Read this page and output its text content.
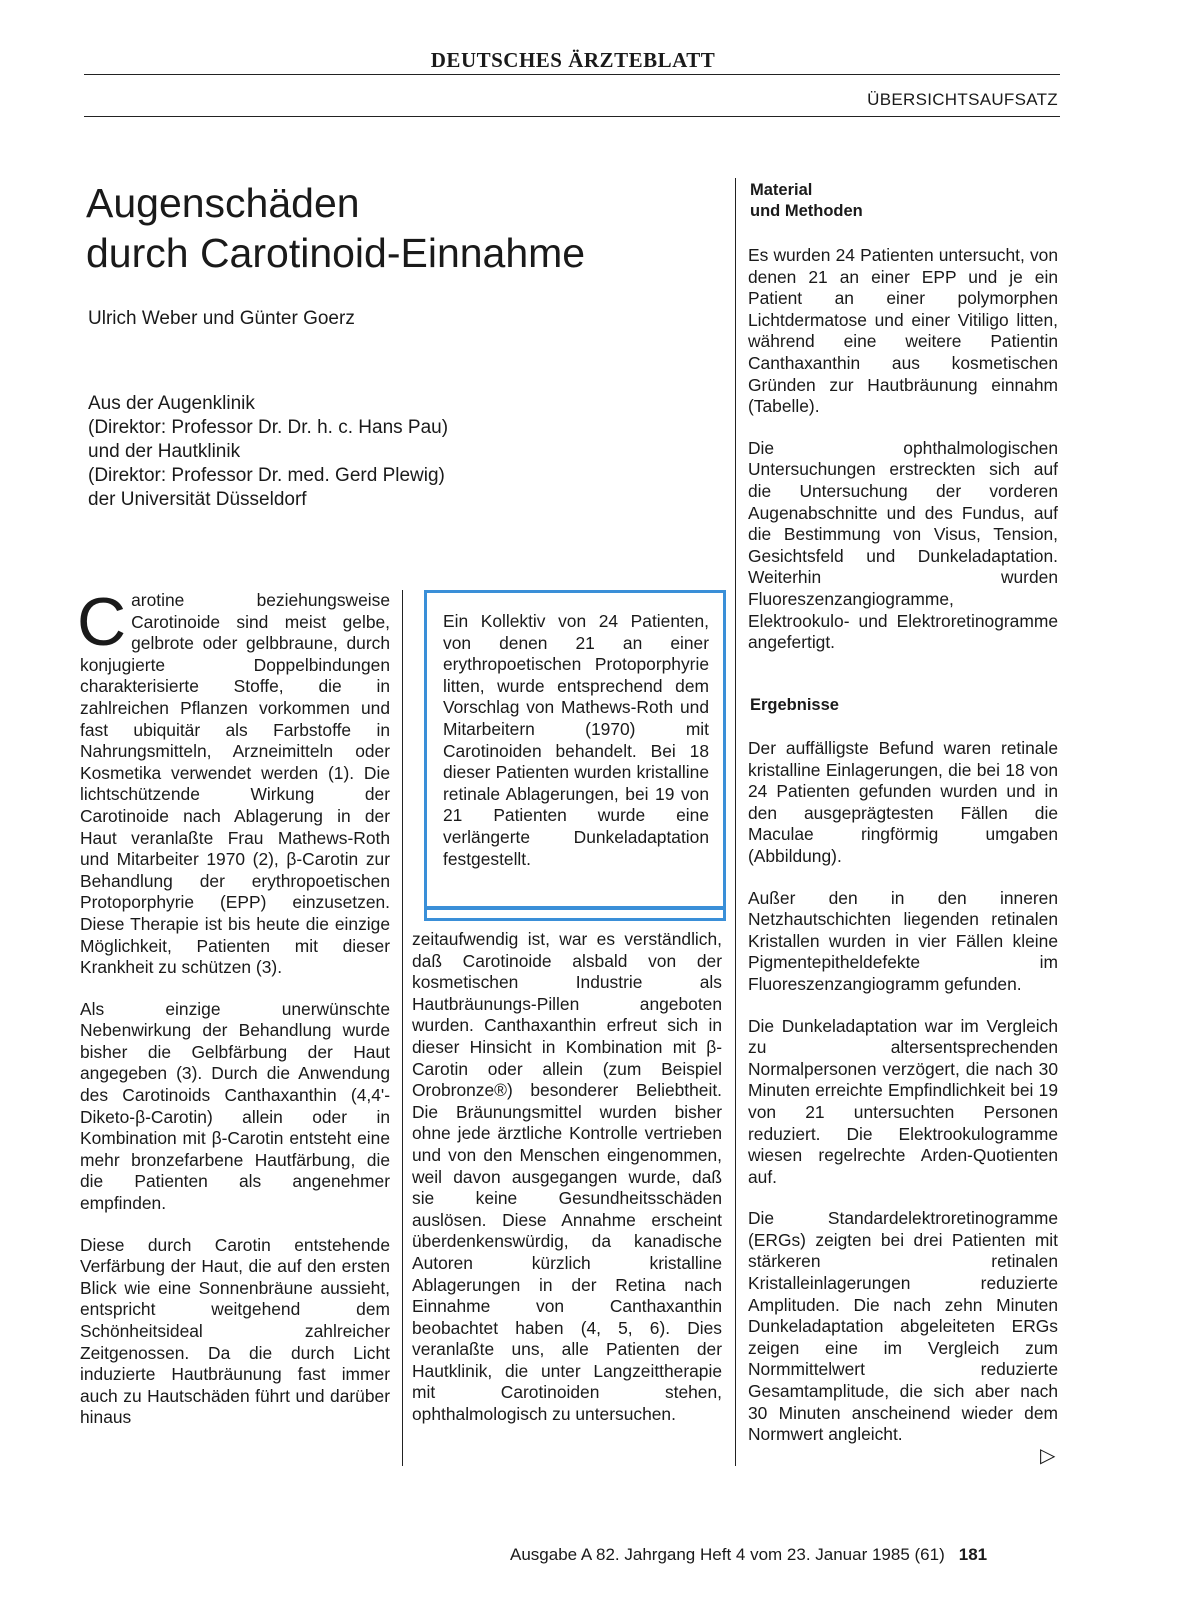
DEUTSCHES ÄRZTEBLATT
ÜBERSICHTSAUFSATZ
Augenschäden
durch Carotinoid-Einnahme
Ulrich Weber und Günter Goerz
Aus der Augenklinik
(Direktor: Professor Dr. Dr. h. c. Hans Pau)
und der Hautklinik
(Direktor: Professor Dr. med. Gerd Plewig)
der Universität Düsseldorf

Carotine beziehungsweise Carotinoide sind meist gelbe, gelbrote oder gelbbraune, durch konjugierte Doppelbindungen charakterisierte Stoffe, die in zahlreichen Pflanzen vorkommen und fast ubiquitär als Farbstoffe in Nahrungsmitteln, Arzneimitteln oder Kosmetika verwendet werden (1). Die lichtschützende Wirkung der Carotinoide nach Ablagerung in der Haut veranlaßte Frau Mathews-Roth und Mitarbeiter 1970 (2), β-Carotin zur Behandlung der erythropoetischen Protoporphyrie (EPP) einzusetzen. Diese Therapie ist bis heute die einzige Möglichkeit, Patienten mit dieser Krankheit zu schützen (3).

Als einzige unerwünschte Nebenwirkung der Behandlung wurde bisher die Gelbfärbung der Haut angegeben (3). Durch die Anwendung des Carotinoids Canthaxanthin (4,4'-Diketo-β-Carotin) allein oder in Kombination mit β-Carotin entsteht eine mehr bronzefarbene Hautfärbung, die die Patienten als angenehmer empfinden.

Diese durch Carotin entstehende Verfärbung der Haut, die auf den ersten Blick wie eine Sonnenbräune aussieht, entspricht weitgehend dem Schönheitsideal zahlreicher Zeitgenossen. Da die durch Licht induzierte Hautbräunung fast immer auch zu Hautschäden führt und darüber hinaus

Ein Kollektiv von 24 Patienten, von denen 21 an einer erythropoetischen Protoporphyrie litten, wurde entsprechend dem Vorschlag von Mathews-Roth und Mitarbeitern (1970) mit Carotinoiden behandelt. Bei 18 dieser Patienten wurden kristalline retinale Ablagerungen, bei 19 von 21 Patienten wurde eine verlängerte Dunkeladaptation festgestellt.

zeitaufwendig ist, war es verständlich, daß Carotinoide alsbald von der kosmetischen Industrie als Hautbräunungs-Pillen angeboten wurden. Canthaxanthin erfreut sich in dieser Hinsicht in Kombination mit β-Carotin oder allein (zum Beispiel Orobronze®) besonderer Beliebtheit. Die Bräunungsmittel wurden bisher ohne jede ärztliche Kontrolle vertrieben und von den Menschen eingenommen, weil davon ausgegangen wurde, daß sie keine Gesundheitsschäden auslösen. Diese Annahme erscheint überdenkenswürdig, da kanadische Autoren kürzlich kristalline Ablagerungen in der Retina nach Einnahme von Canthaxanthin beobachtet haben (4, 5, 6). Dies veranlaßte uns, alle Patienten der Hautklinik, die unter Langzeittherapie mit Carotinoiden stehen, ophthalmologisch zu untersuchen.

Material
und Methoden

Es wurden 24 Patienten untersucht, von denen 21 an einer EPP und je ein Patient an einer polymorphen Lichtdermatose und einer Vitiligo litten, während eine weitere Patientin Canthaxanthin aus kosmetischen Gründen zur Hautbräunung einnahm (Tabelle).

Die ophthalmologischen Untersuchungen erstreckten sich auf die Untersuchung der vorderen Augenabschnitte und des Fundus, auf die Bestimmung von Visus, Tension, Gesichtsfeld und Dunkeladaptation. Weiterhin wurden Fluoreszenzangiogramme, Elektrookulo- und Elektroretinogramme angefertigt.

Ergebnisse

Der auffälligste Befund waren retinale kristalline Einlagerungen, die bei 18 von 24 Patienten gefunden wurden und in den ausgeprägtesten Fällen die Maculae ringförmig umgaben (Abbildung).

Außer den in den inneren Netzhautschichten liegenden retinalen Kristallen wurden in vier Fällen kleine Pigmentepitheldefekte im Fluoreszenzangiogramm gefunden.

Die Dunkeladaptation war im Vergleich zu altersentsprechenden Normalpersonen verzögert, die nach 30 Minuten erreichte Empfindlichkeit bei 19 von 21 untersuchten Personen reduziert. Die Elektrookulogramme wiesen regelrechte Arden-Quotienten auf.

Die Standardelektroretinogramme (ERGs) zeigten bei drei Patienten mit stärkeren retinalen Kristalleinlagerungen reduzierte Amplituden. Die nach zehn Minuten Dunkeladaptation abgeleiteten ERGs zeigen eine im Vergleich zum Normmittelwert reduzierte Gesamtamplitude, die sich aber nach 30 Minuten anscheinend wieder dem Normwert angleicht.

▷
Ausgabe A 82. Jahrgang Heft 4 vom 23. Januar 1985 (61) 181
